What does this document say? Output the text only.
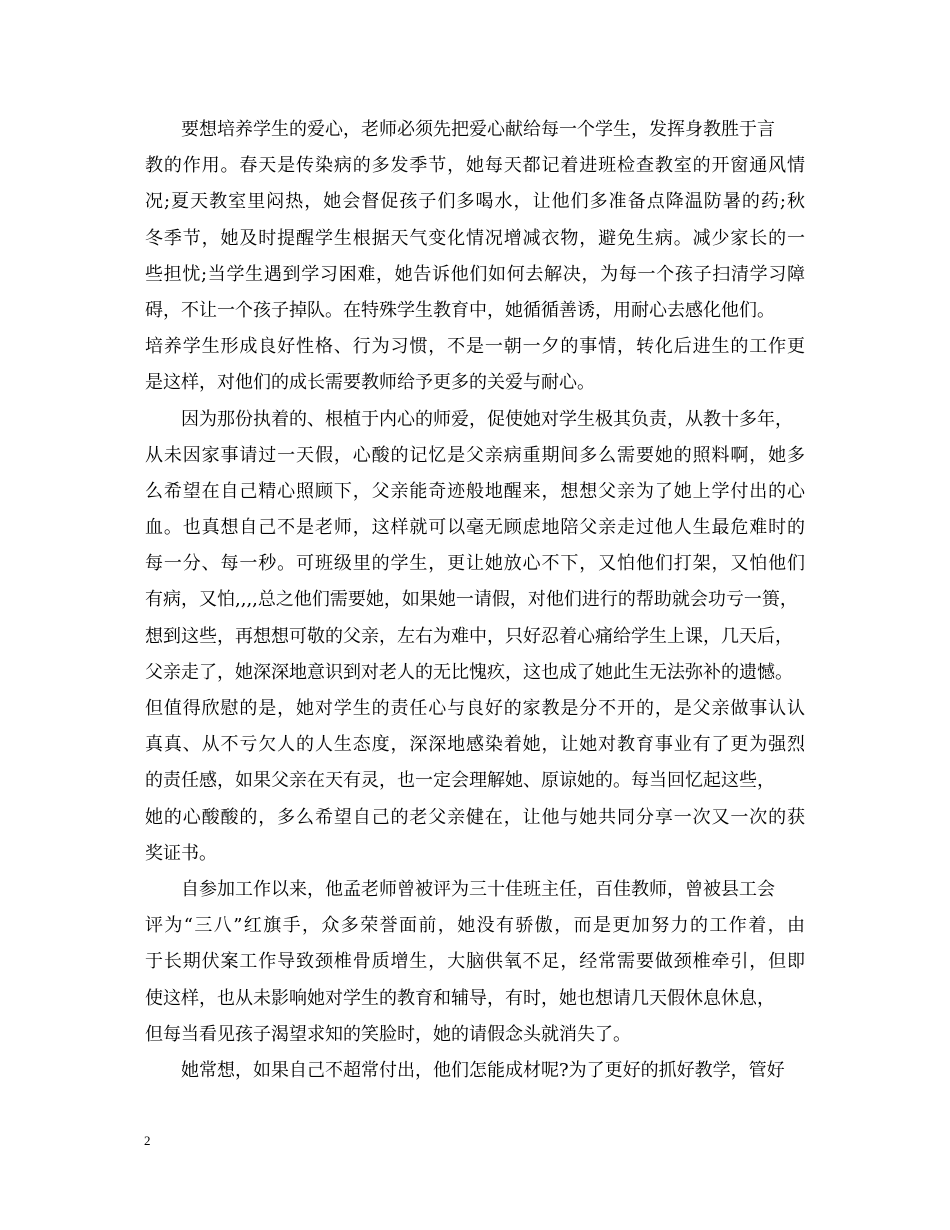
要想培养学生的爱心，老师必须先把爱心献给每一个学生，发挥身教胜于言
教的作用。春天是传染病的多发季节，她每天都记着进班检查教室的开窗通风情
况;夏天教室里闷热，她会督促孩子们多喝水，让他们多准备点降温防暑的药;秋
冬季节，她及时提醒学生根据天气变化情况增减衣物，避免生病。减少家长的一
些担忧;当学生遇到学习困难，她告诉他们如何去解决，为每一个孩子扫清学习障
碍，不让一个孩子掉队。在特殊学生教育中，她循循善诱，用耐心去感化他们。
培养学生形成良好性格、行为习惯，不是一朝一夕的事情，转化后进生的工作更
是这样，对他们的成长需要教师给予更多的关爱与耐心。
因为那份执着的、根植于内心的师爱，促使她对学生极其负责，从教十多年，
从未因家事请过一天假，心酸的记忆是父亲病重期间多么需要她的照料啊，她多
么希望在自己精心照顾下，父亲能奇迹般地醒来，想想父亲为了她上学付出的心
血。也真想自己不是老师，这样就可以毫无顾虑地陪父亲走过他人生最危难时的
每一分、每一秒。可班级里的学生，更让她放心不下，又怕他们打架，又怕他们
有病，又怕,,,,总之他们需要她，如果她一请假，对他们进行的帮助就会功亏一篑，
想到这些，再想想可敬的父亲，左右为难中，只好忍着心痛给学生上课，几天后，
父亲走了，她深深地意识到对老人的无比愧疚，这也成了她此生无法弥补的遗憾。
但值得欣慰的是，她对学生的责任心与良好的家教是分不开的，是父亲做事认认
真真、从不亏欠人的人生态度，深深地感染着她，让她对教育事业有了更为强烈
的责任感，如果父亲在天有灵，也一定会理解她、原谅她的。每当回忆起这些，
她的心酸酸的，多么希望自己的老父亲健在，让他与她共同分享一次又一次的获
奖证书。
自参加工作以来，他孟老师曾被评为三十佳班主任，百佳教师，曾被县工会
评为“三八”红旗手，众多荣誉面前，她没有骄傲，而是更加努力的工作着，由
于长期伏案工作导致颈椎骨质增生，大脑供氧不足，经常需要做颈椎牵引，但即
使这样，也从未影响她对学生的教育和辅导，有时，她也想请几天假休息休息，
但每当看见孩子渴望求知的笑脸时，她的请假念头就消失了。
她常想，如果自己不超常付出，他们怎能成材呢?为了更好的抓好教学，管好
2
